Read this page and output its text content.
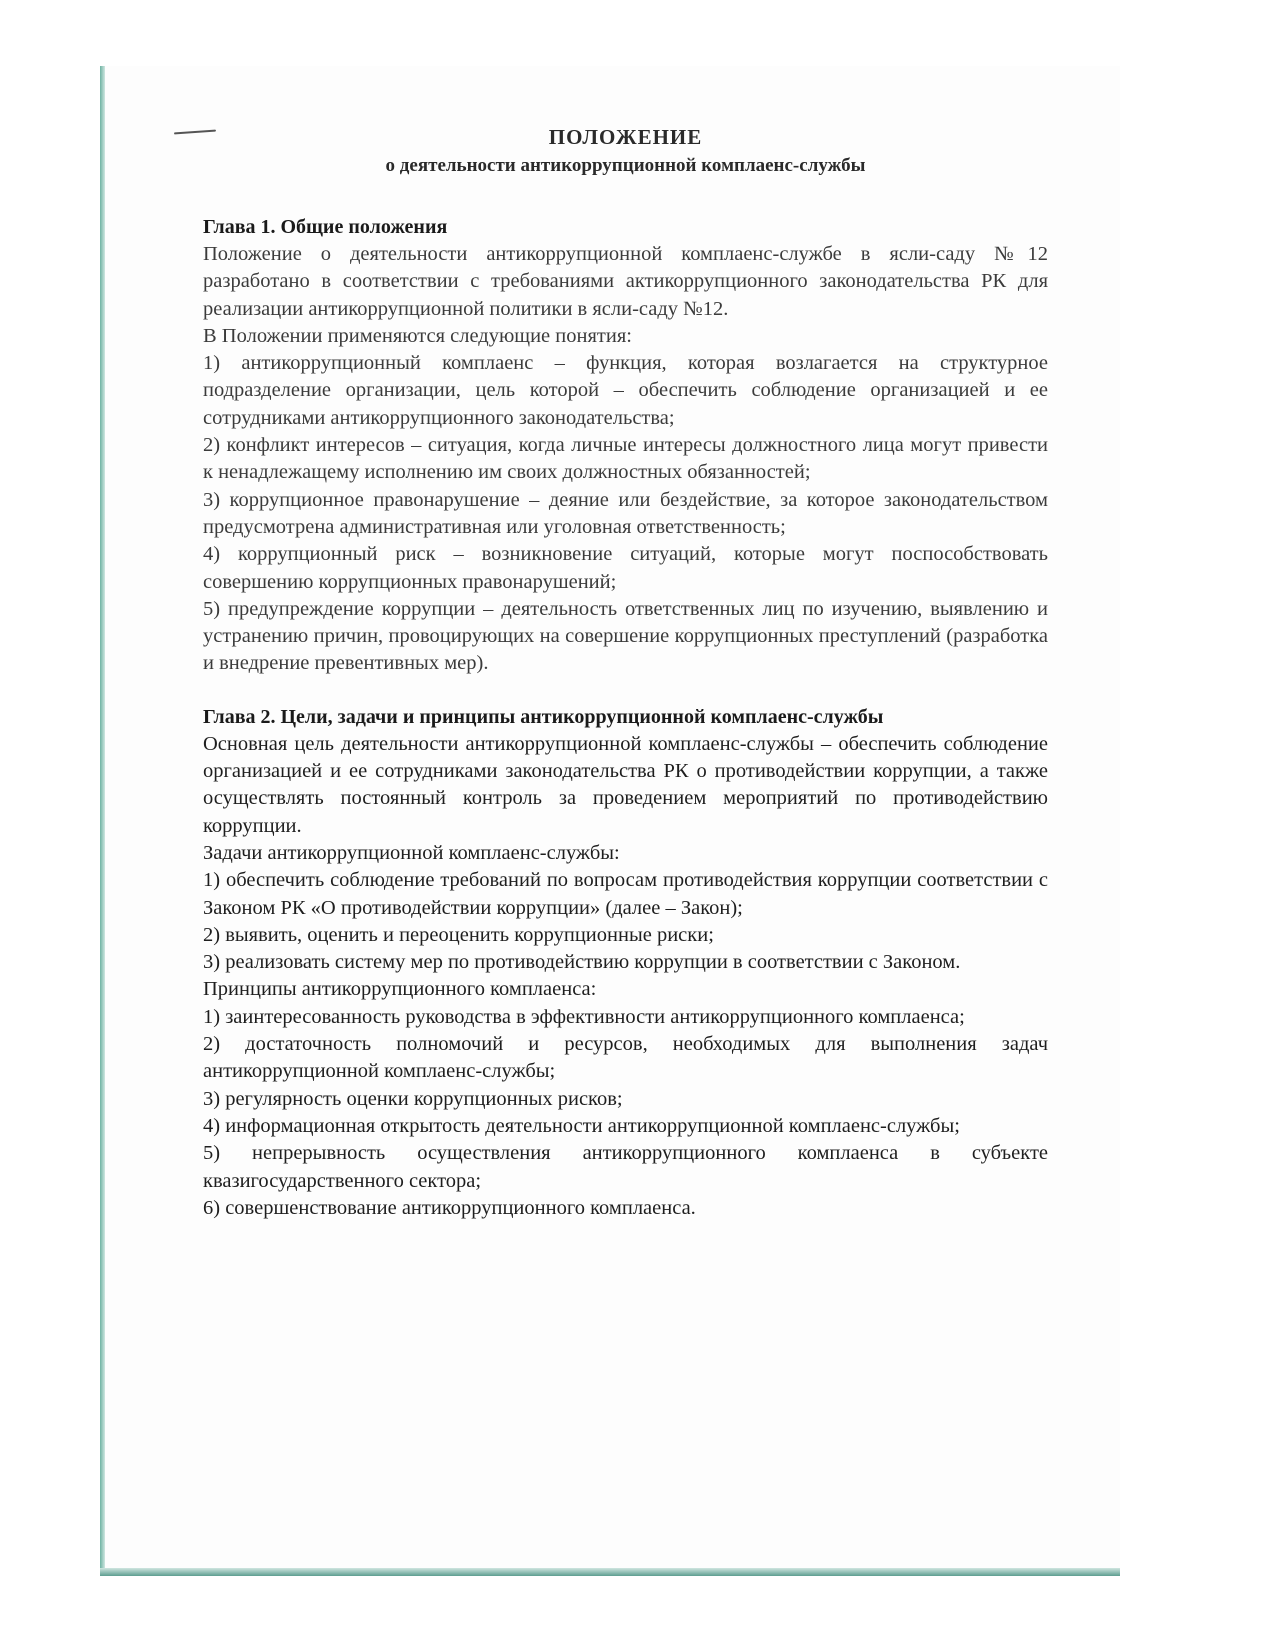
ПОЛОЖЕНИЕ
о деятельности антикоррупционной комплаенс-службы
Глава 1. Общие положения

Положение о деятельности антикоррупционной комплаенс-службе в ясли-саду №12 разработано в соответствии с требованиями актикоррупционного законодательства РК для реализации антикоррупционной политики в ясли-саду №12.

В Положении применяются следующие понятия:

1) антикоррупционный комплаенс – функция, которая возлагается на структурное подразделение организации, цель которой – обеспечить соблюдение организацией и ее сотрудниками антикоррупционного законодательства;

2) конфликт интересов – ситуация, когда личные интересы должностного лица могут привести к ненадлежащему исполнению им своих должностных обязанностей;

3) коррупционное правонарушение – деяние или бездействие, за которое законодательством предусмотрена административная или уголовная ответственность;

4) коррупционный риск – возникновение ситуаций, которые могут поспособствовать совершению коррупционных правонарушений;

5) предупреждение коррупции – деятельность ответственных лиц по изучению, выявлению и устранению причин, провоцирующих на совершение коррупционных преступлений (разработка и внедрение превентивных мер).

Глава 2. Цели, задачи и принципы антикоррупционной комплаенс-службы

Основная цель деятельности антикоррупционной комплаенс-службы – обеспечить соблюдение организацией и ее сотрудниками законодательства РК о противодействии коррупции, а также осуществлять постоянный контроль за проведением мероприятий по противодействию коррупции.

Задачи антикоррупционной комплаенс-службы:

1) обеспечить соблюдение требований по вопросам противодействия коррупции соответствии с Законом РК «О противодействии коррупции» (далее – Закон);

2) выявить, оценить и переоценить коррупционные риски;

3) реализовать систему мер по противодействию коррупции в соответствии с Законом.

Принципы антикоррупционного комплаенса:

1) заинтересованность руководства в эффективности антикоррупционного комплаенса;

2) достаточность полномочий и ресурсов, необходимых для выполнения задач антикоррупционной комплаенс-службы;

3) регулярность оценки коррупционных рисков;

4) информационная открытость деятельности антикоррупционной комплаенс-службы;

5) непрерывность осуществления антикоррупционного комплаенса в субъекте квазигосударственного сектора;

6) совершенствование антикоррупционного комплаенса.
